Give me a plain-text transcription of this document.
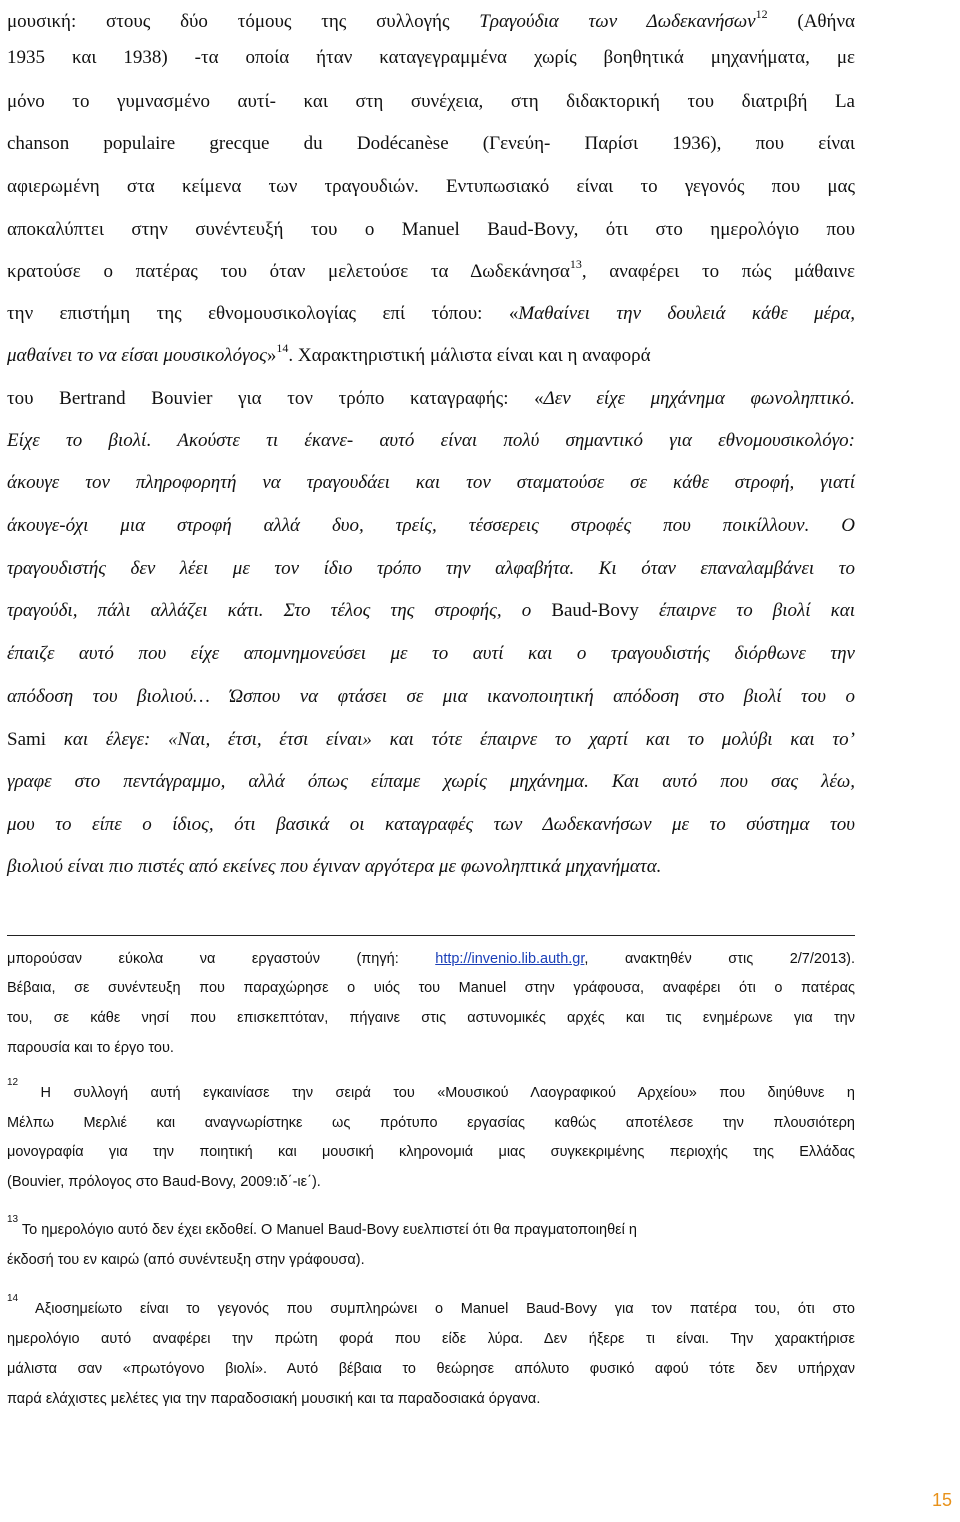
μουσική: στους δύο τόμους της συλλογής Τραγούδια των Δωδεκανήσων$^{12}$ (Αθήνα
1935 και 1938) -τα οποία ήταν καταγεγραμμένα χωρίς βοηθητικά μηχανήματα, με
μόνο το γυμνασμένο αυτί- και στη συνέχεια, στη διδακτορική του διατριβή La
chanson populaire grecque du Dodécanèse (Γενεύη- Παρίσι 1936), που είναι
αφιερωμένη στα κείμενα των τραγουδιών. Εντυπωσιακό είναι το γεγονός που μας
αποκαλύπτει στην συνέντευξή του ο Manuel Baud-Bovy, ότι στο ημερολόγιο που
κρατούσε ο πατέρας του όταν μελετούσε τα Δωδεκάνησα$^{13}$, αναφέρει το πώς μάθαινε
την επιστήμη της εθνομουσικολογίας επί τόπου: «Μαθαίνει την δουλειά κάθε μέρα,
μαθαίνει το να είσαι μουσικολόγος»$^{14}$. Χαρακτηριστική μάλιστα είναι και η αναφορά
του Bertrand Bouvier για τον τρόπο καταγραφής: «Δεν είχε μηχάνημα φωνοληπτικό.
Είχε το βιολί. Ακούστε τι έκανε- αυτό είναι πολύ σημαντικό για εθνομουσικολόγο:
άκουγε τον πληροφορητή να τραγουδάει και τον σταματούσε σε κάθε στροφή, γιατί
άκουγε-όχι μια στροφή αλλά δυο, τρείς, τέσσερεις στροφές που ποικίλλουν. Ο
τραγουδιστής δεν λέει με τον ίδιο τρόπο την αλφαβήτα. Κι όταν επαναλαμβάνει το
τραγούδι, πάλι αλλάζει κάτι. Στο τέλος της στροφής, ο Baud-Bovy έπαιρνε το βιολί και
έπαιζε αυτό που είχε απομνημονεύσει με το αυτί και ο τραγουδιστής διόρθωνε την
απόδοση του βιολιού… Ώσπου να φτάσει σε μια ικανοποιητική απόδοση στο βιολί του ο
Sami και έλεγε: «Ναι, έτσι, έτσι είναι» και τότε έπαιρνε το χαρτί και το μολύβι και το’
γραφε στο πεντάγραμμο, αλλά όπως είπαμε χωρίς μηχάνημα. Και αυτό που σας λέω,
μου το είπε ο ίδιος, ότι βασικά οι καταγραφές των Δωδεκανήσων με το σύστημα του
βιολιού είναι πιο πιστές από εκείνες που έγιναν αργότερα με φωνοληπτικά μηχανήματα.
μπορούσαν εύκολα να εργαστούν (πηγή: http://invenio.lib.auth.gr, ανακτηθέν στις 2/7/2013).
Βέβαια, σε συνέντευξη που παραχώρησε ο υιός του Manuel στην γράφουσα, αναφέρει ότι ο πατέρας
του, σε κάθε νησί που επισκεπτόταν, πήγαινε στις αστυνομικές αρχές και τις ενημέρωνε για την
παρουσία και το έργο του.
$^{12}$ Η συλλογή αυτή εγκαινίασε την σειρά του «Μουσικού Λαογραφικού Αρχείου» που διηύθυνε η
Μέλπω Μερλιέ και αναγνωρίστηκε ως πρότυπο εργασίας καθώς αποτέλεσε την πλουσιότερη
μονογραφία για την ποιητική και μουσική κληρονομιά μιας συγκεκριμένης περιοχής της Ελλάδας
(Bouvier, πρόλογος στο Baud-Bovy, 2009:ιδ΄-ιε΄).
$^{13}$ Το ημερολόγιο αυτό δεν έχει εκδοθεί. Ο Manuel Baud-Bovy ευελπιστεί ότι θα πραγματοποιηθεί η
έκδοσή του εν καιρώ (από συνέντευξη στην γράφουσα).
$^{14}$ Αξιοσημείωτο είναι το γεγονός που συμπληρώνει ο Manuel Baud-Bovy για τον πατέρα του, ότι στο
ημερολόγιο αυτό αναφέρει την πρώτη φορά που είδε λύρα. Δεν ήξερε τι είναι. Την χαρακτήρισε
μάλιστα σαν «πρωτόγονο βιολί». Αυτό βέβαια το θεώρησε απόλυτο φυσικό αφού τότε δεν υπήρχαν
παρά ελάχιστες μελέτες για την παραδοσιακή μουσική και τα παραδοσιακά όργανα.
15
